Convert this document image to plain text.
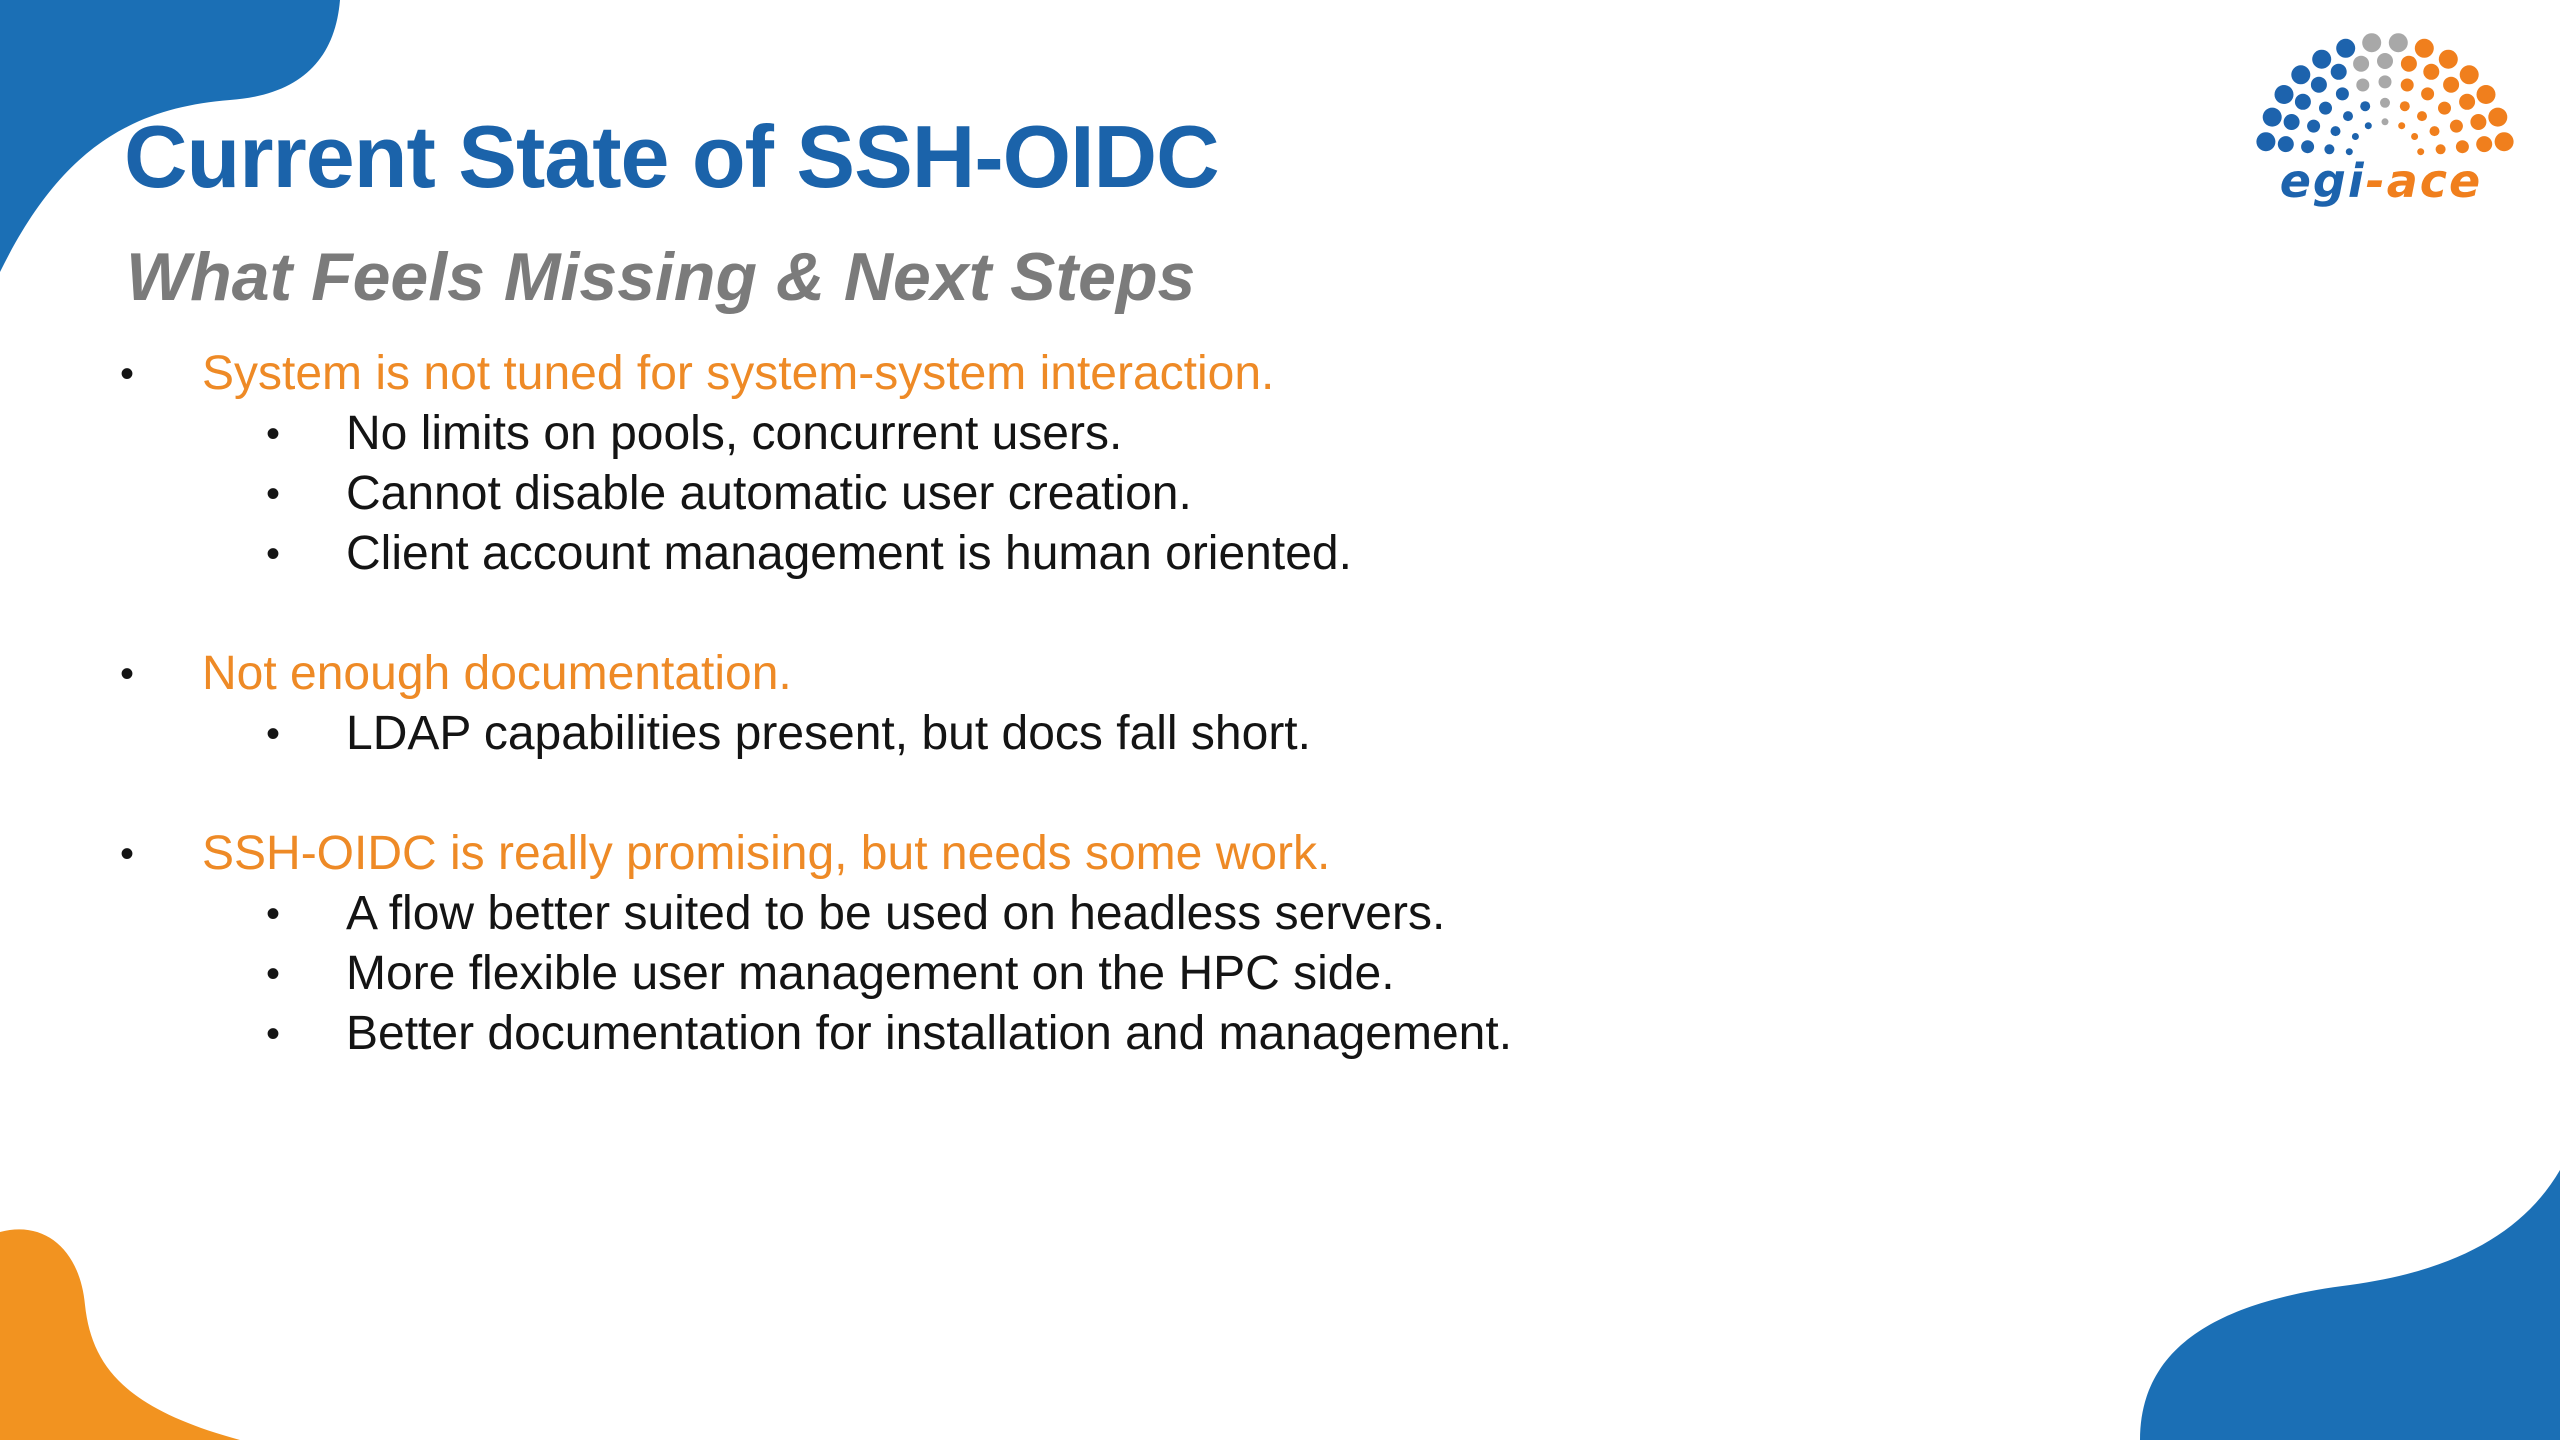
egi-ace
Current State of SSH-OIDC
What Feels Missing & Next Steps
• System is not tuned for system-system interaction.
• No limits on pools, concurrent users.
• Cannot disable automatic user creation.
• Client account management is human oriented.
• Not enough documentation.
• LDAP capabilities present, but docs fall short.
• SSH-OIDC is really promising, but needs some work.
• A flow better suited to be used on headless servers.
• More flexible user management on the HPC side.
• Better documentation for installation and management.
